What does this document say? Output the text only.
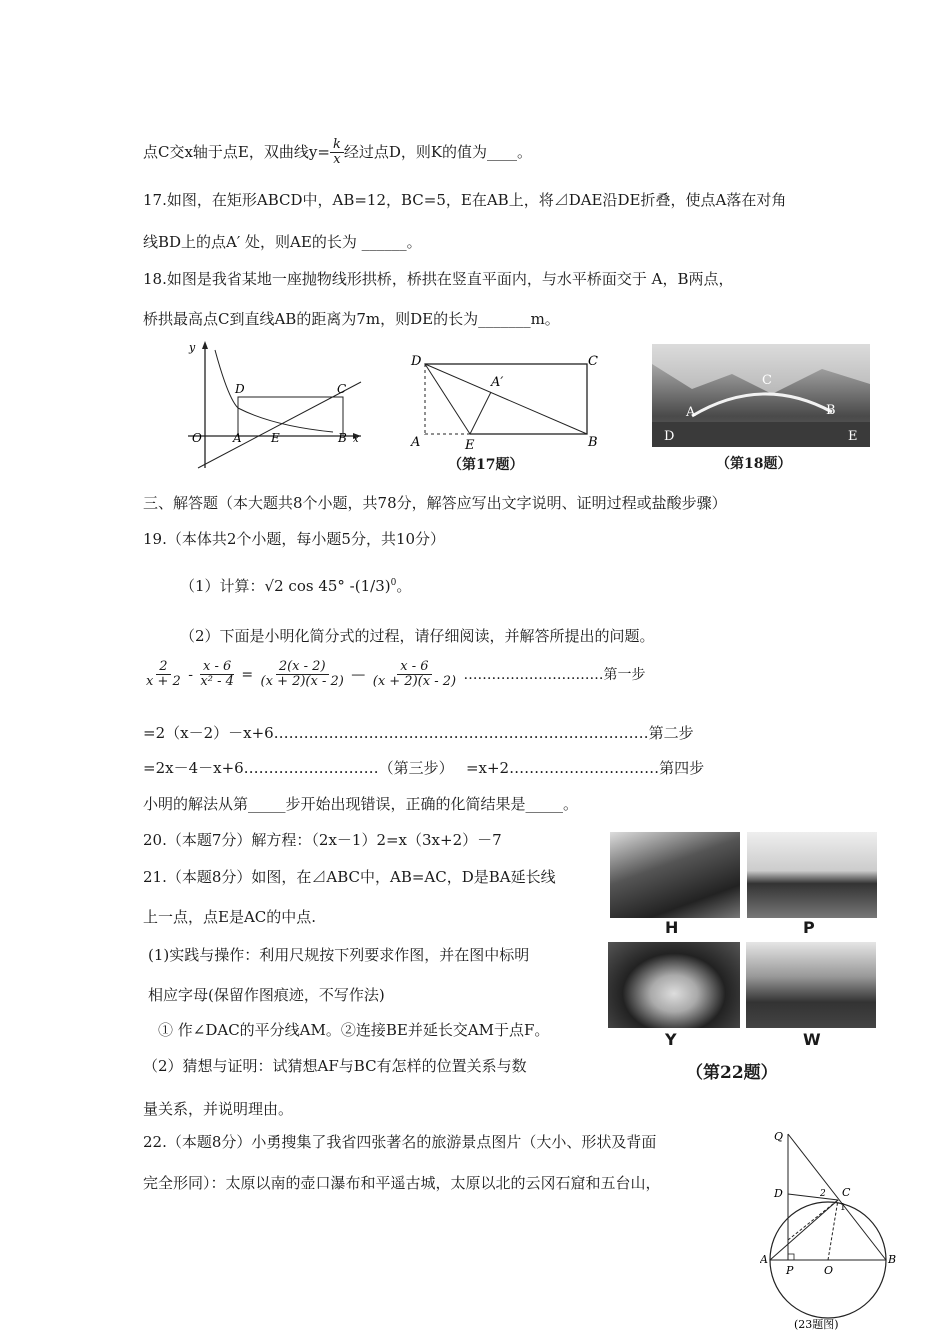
点C交x轴于点E，双曲线$y= \frac{k}{x}$ 经过点D，则K的值为____。
17.如图，在矩形ABCD中，AB=12，BC=5，E在AB上，将⊿DAE沿DE折叠，使点A落在对角
线BD上的点A′ 处，则AE的长为 ______。
18.如图是我省某地一座抛物线形拱桥，桥拱在竖直平面内，与水平桥面交于 A，B两点，
桥拱最高点C到直线AB的距离为7m，则DE的长为_______m。
y
O	A E	B x
D	C
D	C
A	E	B
A′
（第17题）
C
A	B
D	E
（第18题）
三、解答题（本大题共8个小题，共78分，解答应写出文字说明、证明过程或盐酸步骤）
19.（本体共2个小题，每小题5分，共10分）
（1）计算：√2 cos 45° $-(1/3)^0$。
（2）下面是小明化简分式的过程，请仔细阅读，并解答所提出的问题。
$\frac{2}{x + 2} - \frac{x - 6}{\text{x² - 4}} = \frac{2(x - 2)}{(x + 2)(x - 2)}$ — $\frac{x - 6}{(x + 2)(x - 2)}$ …………………………第一步
=2（x－2）－x+6…………………………………………………………………第二步
=2x－4－x+6………………………（第三步）　 =x+2…………………………第四步
小明的解法从第_____步开始出现错误，正确的化简结果是_____。
20.（本题7分）解方程：（2x－1）2=x（3x+2）－7
21.（本题8分）如图，在⊿ABC中，AB=AC，D是BA延长线
上一点，点E是AC的中点.
(1)实践与操作：利用尺规按下列要求作图，并在图中标明
相应字母(保留作图痕迹，不写作法)
① 作∠DAC的平分线AM。②连接BE并延长交AM于点F。
（2）猜想与证明：试猜想AF与BC有怎样的位置关系与数
量关系，并说明理由。
22.（本题8分）小勇搜集了我省四张著名的旅游景点图片（大小、形状及背面
完全形同）：太原以南的壶口瀑布和平遥古城，太原以北的云冈石窟和五台山，
H	P
Y	W
（第22题）
Q
D	C
2
1
A
P	O
B
(23题图)
